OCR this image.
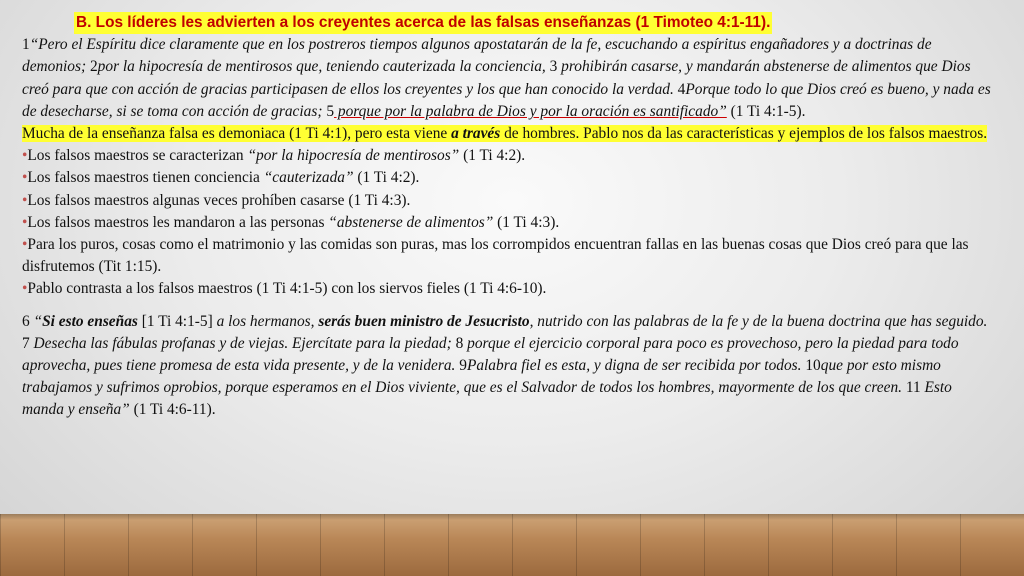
B. Los líderes les advierten a los creyentes acerca de las falsas enseñanzas (1 Timoteo 4:1-11).

1“Pero el Espíritu dice claramente que en los postreros tiempos algunos apostatarán de la fe, escuchando a espíritus engañadores y a doctrinas de demonios; 2por la hipocresía de mentirosos que, teniendo cauterizada la conciencia, 3 prohibirán casarse, y mandarán abstenerse de alimentos que Dios creó para que con acción de gracias participasen de ellos los creyentes y los que han conocido la verdad. 4Porque todo lo que Dios creó es bueno, y nada es de desecharse, si se toma con acción de gracias; 5 porque por la palabra de Dios y por la oración es santificado” (1 Ti 4:1-5).

Mucha de la enseñanza falsa es demoniaca (1 Ti 4:1), pero esta viene a través de hombres. Pablo nos da las características y ejemplos de los falsos maestros.

•Los falsos maestros se caracterizan “por la hipocresía de mentirosos” (1 Ti 4:2).

•Los falsos maestros tienen conciencia “cauterizada” (1 Ti 4:2).

•Los falsos maestros algunas veces prohíben casarse (1 Ti 4:3).

•Los falsos maestros les mandaron a las personas “abstenerse de alimentos” (1 Ti 4:3).

•Para los puros, cosas como el matrimonio y las comidas son puras, mas los corrompidos encuentran fallas en las buenas cosas que Dios creó para que las disfrutemos (Tit 1:15).

•Pablo contrasta a los falsos maestros (1 Ti 4:1-5) con los siervos fieles (1 Ti 4:6-10).

6 “Si esto enseñas [1 Ti 4:1-5] a los hermanos, serás buen ministro de Jesucristo, nutrido con las palabras de la fe y de la buena doctrina que has seguido. 7 Desecha las fábulas profanas y de viejas. Ejercítate para la piedad; 8 porque el ejercicio corporal para poco es provechoso, pero la piedad para todo aprovecha, pues tiene promesa de esta vida presente, y de la venidera. 9Palabra fiel es esta, y digna de ser recibida por todos. 10que por esto mismo trabajamos y sufrimos oprobios, porque esperamos en el Dios viviente, que es el Salvador de todos los hombres, mayormente de los que creen. 11 Esto manda y enseña” (1 Ti 4:6-11).
